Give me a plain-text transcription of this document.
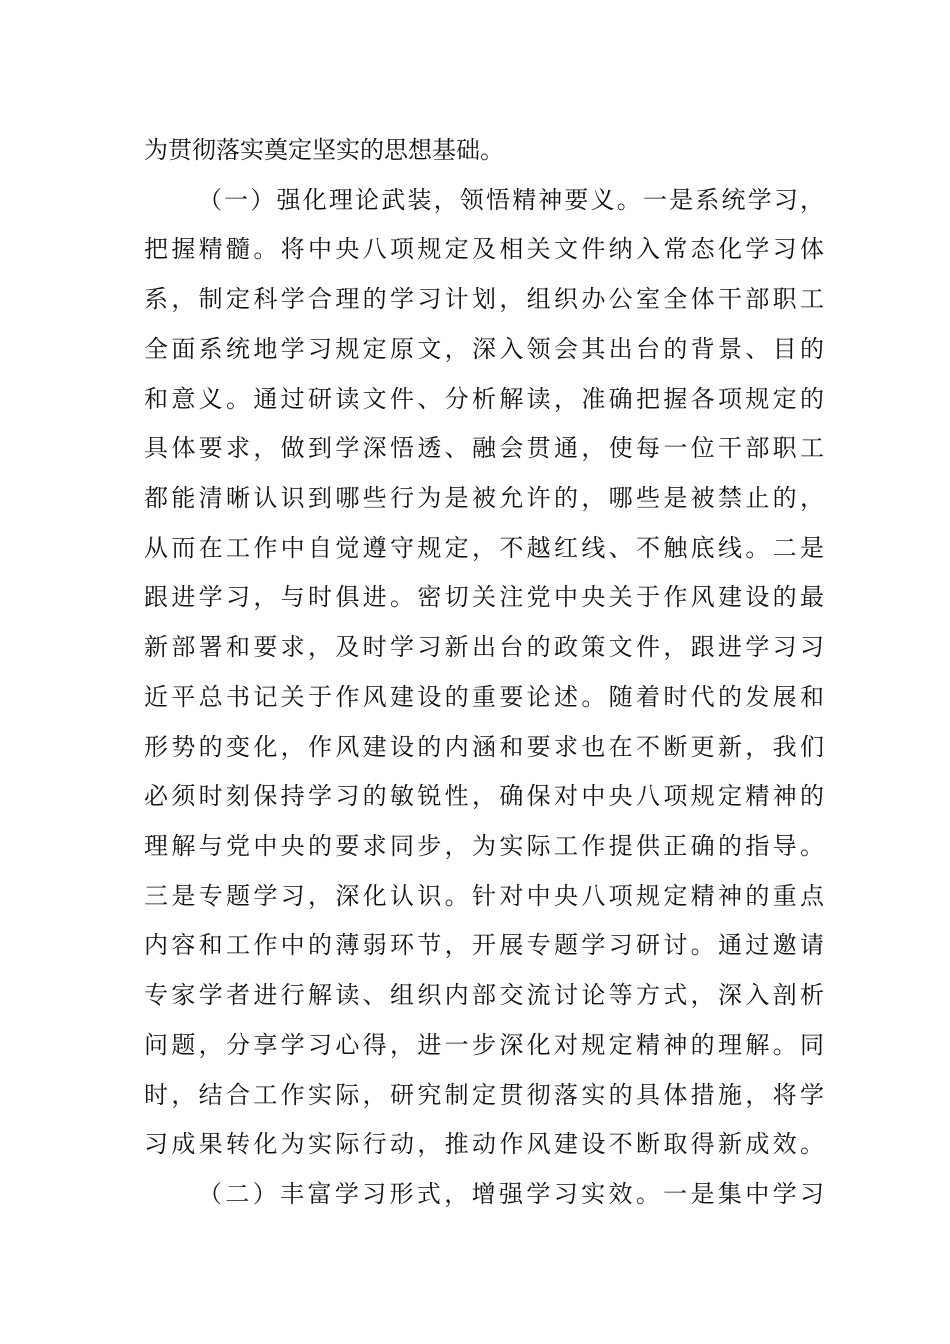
为贯彻落实奠定坚实的思想基础。
（一）强化理论武装，领悟精神要义。一是系统学习，
把握精髓。将中央八项规定及相关文件纳入常态化学习体
系，制定科学合理的学习计划，组织办公室全体干部职工
全面系统地学习规定原文，深入领会其出台的背景、目的
和意义。通过研读文件、分析解读，准确把握各项规定的
具体要求，做到学深悟透、融会贯通，使每一位干部职工
都能清晰认识到哪些行为是被允许的，哪些是被禁止的，
从而在工作中自觉遵守规定，不越红线、不触底线。二是
跟进学习，与时俱进。密切关注党中央关于作风建设的最
新部署和要求，及时学习新出台的政策文件，跟进学习习
近平总书记关于作风建设的重要论述。随着时代的发展和
形势的变化，作风建设的内涵和要求也在不断更新，我们
必须时刻保持学习的敏锐性，确保对中央八项规定精神的
理解与党中央的要求同步，为实际工作提供正确的指导。
三是专题学习，深化认识。针对中央八项规定精神的重点
内容和工作中的薄弱环节，开展专题学习研讨。通过邀请
专家学者进行解读、组织内部交流讨论等方式，深入剖析
问题，分享学习心得，进一步深化对规定精神的理解。同
时，结合工作实际，研究制定贯彻落实的具体措施，将学
习成果转化为实际行动，推动作风建设不断取得新成效。
（二）丰富学习形式，增强学习实效。一是集中学习
